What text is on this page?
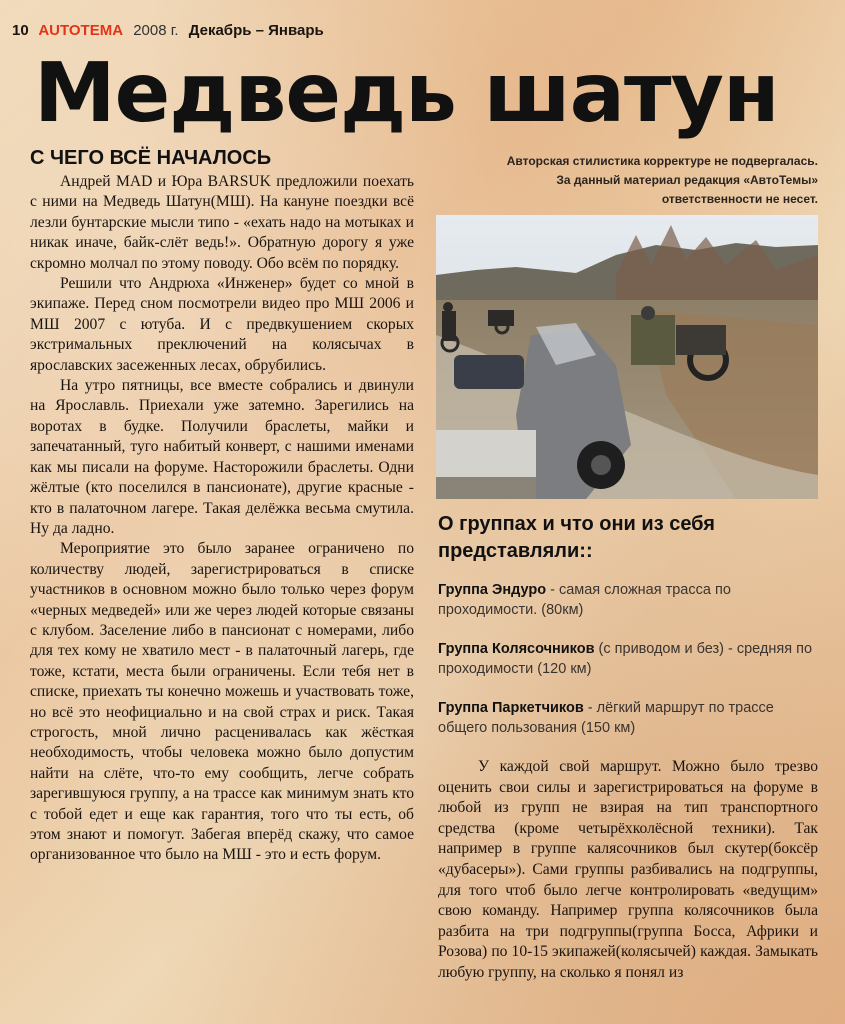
10 AUTOTEMA 2008 г. Декабрь – Январь
Медведь шатун
С ЧЕГО ВСЁ НАЧАЛОСЬ

Андрей MAD и Юра BARSUK предложили поехать с ними на Медведь Шатун(МШ). На кануне поездки всё лезли бунтарские мысли типо - «ехать надо на мотыках и никак иначе, байк-слёт ведь!». Обратную дорогу я уже скромно молчал по этому поводу. Обо всём по порядку.

Решили что Андрюха «Инженер» будет со мной в экипаже. Перед сном посмотрели видео про МШ 2006 и МШ 2007 с ютуба. И с предвкушением скорых экстримальных преключений на колясычах в ярославских засеженных лесах, обрубились.

На утро пятницы, все вместе собрались и двинули на Ярославль. Приехали уже затемно. Зарегились на воротах в будке. Получили браслеты, майки и запечатанный, туго набитый конверт, с нашими именами как мы писали на форуме. Насторожили браслеты. Одни жёлтые (кто поселился в пансионате), другие красные - кто в палаточном лагере. Такая делёжка весьма смутила. Ну да ладно.

Мероприятие это было заранее ограничено по количеству людей, зарегистрироваться в списке участников в основном можно было только через форум «черных медведей» или же через людей которые связаны с клубом. Заселение либо в пансионат с номерами, либо для тех кому не хватило мест - в палаточный лагерь, где тоже, кстати, места были ограничены. Если тебя нет в списке, приехать ты конечно можешь и участвовать тоже, но всё это неофициально и на свой страх и риск. Такая строгость, мной лично расценивалась как жёсткая необходимость, чтобы человека можно было допустим найти на слёте, что-то ему сообщить, легче собрать зарегившуюся группу, а на трассе как минимум знать кто с тобой едет и еще как гарантия, того что ты есть, об этом знают и помогут. Забегая вперёд скажу, что самое организованное что было на МШ - это и есть форум.

Авторская стилистика корректуре не подвергалась.
За данный материал редакция «АвтоТемы»
ответственности не несет.
О группах и что они из себя представляли::
Группа Эндуро - самая сложная трасса по проходимости. (80км)
Группа Колясочников (с приводом и без) - средняя по проходимости (120 км)
Группа Паркетчиков - лёгкий маршрут по трассе общего пользования (150 км)

У каждой свой маршрут. Можно было трезво оценить свои силы и зарегистрироваться на форуме в любой из групп не взирая на тип транспортного средства (кроме четырёхколёсной техники). Так например в группе калясочников был скутер(боксёр «дубасеры»). Сами группы разбивались на подгруппы, для того чтоб было легче контролировать «ведущим» свою команду. Например группа колясочников была разбита на три подгруппы(группа Босса, Африки и Розова) по 10-15 экипажей(колясычей) каждая. Замыкать любую группу, на сколько я понял из
